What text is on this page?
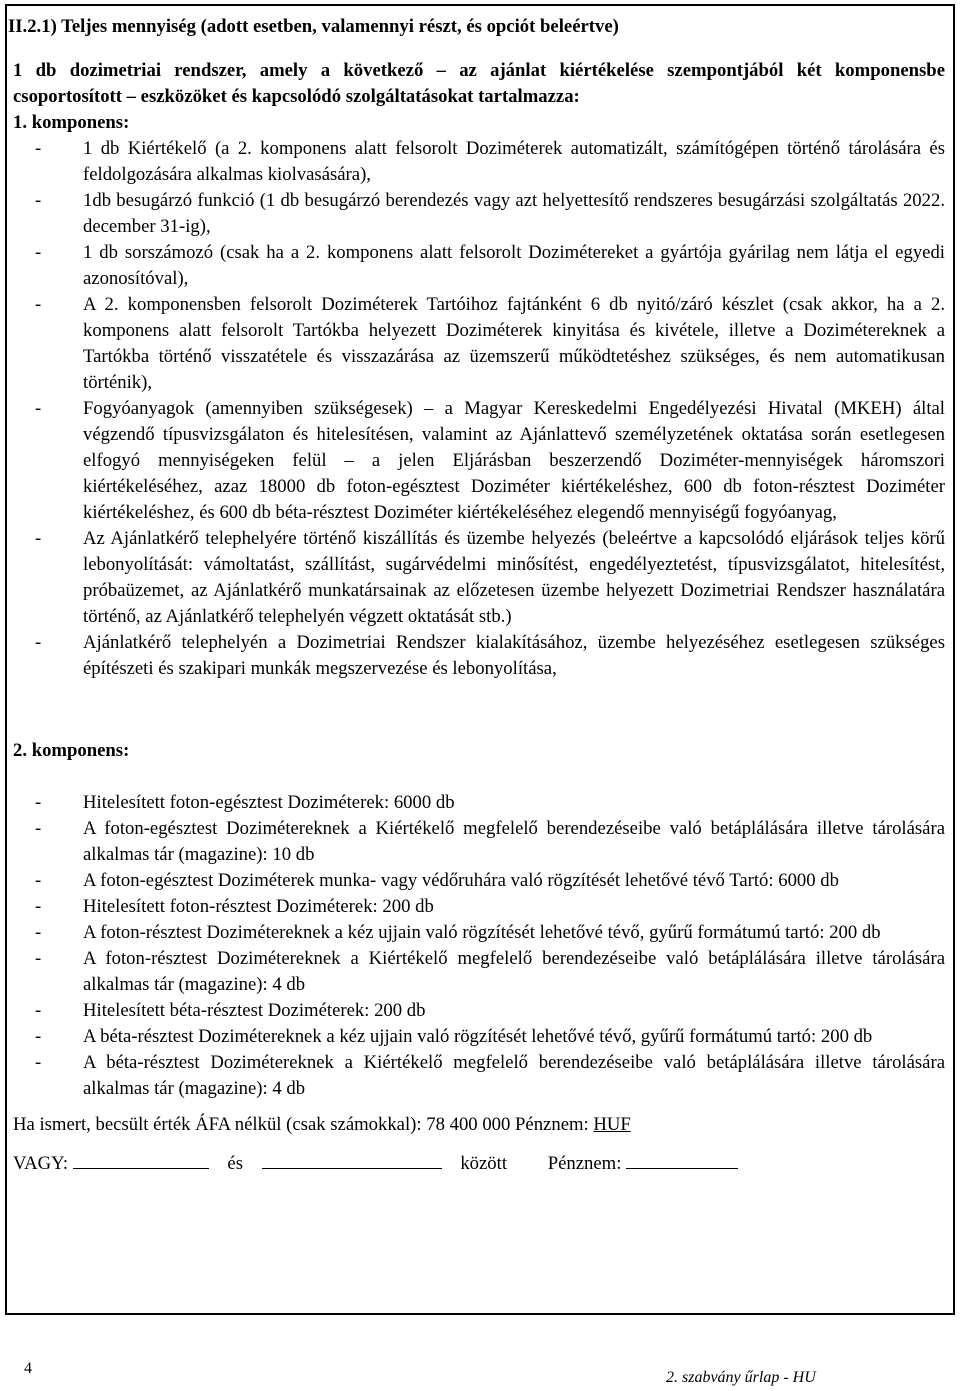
II.2.1) Teljes mennyiség (adott esetben, valamennyi részt, és opciót beleértve)

1 db dozimetriai rendszer, amely a következő – az ajánlat kiértékelése szempontjából két komponensbe csoportosított – eszközöket és kapcsolódó szolgáltatásokat tartalmazza:

1. komponens:

- 1 db Kiértékelő (a 2. komponens alatt felsorolt Doziméterek automatizált, számítógépen történő tárolására és feldolgozására alkalmas kiolvasására),
- 1db besugárzó funkció (1 db besugárzó berendezés vagy azt helyettesítő rendszeres besugárzási szolgáltatás 2022. december 31-ig),
- 1 db sorszámozó (csak ha a 2. komponens alatt felsorolt Dozimétereket a gyártója gyárilag nem látja el egyedi azonosítóval),
- A 2. komponensben felsorolt Doziméterek Tartóihoz fajtánként 6 db nyitó/záró készlet (csak akkor, ha a 2. komponens alatt felsorolt Tartókba helyezett Doziméterek kinyitása és kivétele, illetve a Dozimétereknek a Tartókba történő visszatétele és visszazárása az üzemszerű működtetéshez szükséges, és nem automatikusan történik),
- Fogyóanyagok (amennyiben szükségesek) – a Magyar Kereskedelmi Engedélyezési Hivatal (MKEH) által végzendő típusvizsgálaton és hitelesítésen, valamint az Ajánlattevő személyzetének oktatása során esetlegesen elfogyó mennyiségeken felül – a jelen Eljárásban beszerzendő Doziméter-mennyiségek háromszori kiértékeléséhez, azaz 18000 db foton-egésztest Doziméter kiértékeléshez, 600 db foton-résztest Doziméter kiértékeléshez, és 600 db béta-résztest Doziméter kiértékeléséhez elegendő mennyiségű fogyóanyag,
- Az Ajánlatkérő telephelyére történő kiszállítás és üzembe helyezés (beleértve a kapcsolódó eljárások teljes körű lebonyolítását: vámoltatást, szállítást, sugárvédelmi minősítést, engedélyeztetést, típusvizsgálatot, hitelesítést, próbaüzemet, az Ajánlatkérő munkatársainak az előzetesen üzembe helyezett Dozimetriai Rendszer használatára történő, az Ajánlatkérő telephelyén végzett oktatását stb.)
- Ajánlatkérő telephelyén a Dozimetriai Rendszer kialakításához, üzembe helyezéséhez esetlegesen szükséges építészeti és szakipari munkák megszervezése és lebonyolítása,

2. komponens:

- Hitelesített foton-egésztest Doziméterek: 6000 db
- A foton-egésztest Dozimétereknek a Kiértékelő megfelelő berendezéseibe való betáplálására illetve tárolására alkalmas tár (magazine): 10 db
- A foton-egésztest Doziméterek munka- vagy védőruhára való rögzítését lehetővé tévő Tartó: 6000 db
- Hitelesített foton-résztest Doziméterek: 200 db
- A foton-résztest Dozimétereknek a kéz ujjain való rögzítését lehetővé tévő, gyűrű formátumú tartó: 200 db
- A foton-résztest Dozimétereknek a Kiértékelő megfelelő berendezéseibe való betáplálására illetve tárolására alkalmas tár (magazine): 4 db
- Hitelesített béta-résztest Doziméterek: 200 db
- A béta-résztest Dozimétereknek a kéz ujjain való rögzítését lehetővé tévő, gyűrű formátumú tartó: 200 db
- A béta-résztest Dozimétereknek a Kiértékelő megfelelő berendezéseibe való betáplálására illetve tárolására alkalmas tár (magazine): 4 db

Ha ismert, becsült érték ÁFA nélkül (csak számokkal): 78 400 000 Pénznem: HUF

VAGY:	és	között Pénznem:

4
2. szabvány űrlap - HU
